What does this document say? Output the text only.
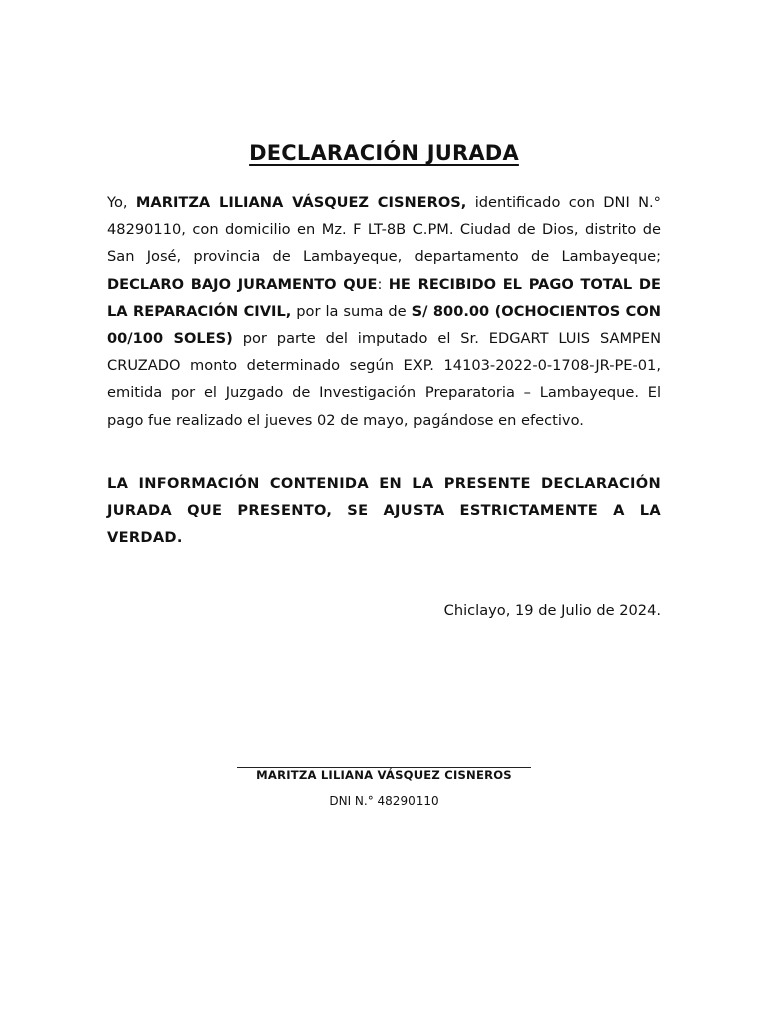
DECLARACIÓN JURADA

Yo, MARITZA LILIANA VÁSQUEZ CISNEROS, identificado con DNI N.° 48290110, con domicilio en Mz. F LT-8B C.PM. Ciudad de Dios, distrito de San José, provincia de Lambayeque, departamento de Lambayeque; DECLARO BAJO JURAMENTO QUE: HE RECIBIDO EL PAGO TOTAL DE LA REPARACIÓN CIVIL, por la suma de S/ 800.00 (OCHOCIENTOS CON 00/100 SOLES) por parte del imputado el Sr. EDGART LUIS SAMPEN CRUZADO monto determinado según EXP. 14103-2022-0-1708-JR-PE-01, emitida por el Juzgado de Investigación Preparatoria – Lambayeque. El pago fue realizado el jueves 02 de mayo, pagándose en efectivo.

LA INFORMACIÓN CONTENIDA EN LA PRESENTE DECLARACIÓN JURADA QUE PRESENTO, SE AJUSTA ESTRICTAMENTE A LA VERDAD.

Chiclayo, 19 de Julio de 2024.
MARITZA LILIANA VÁSQUEZ CISNEROS
DNI N.° 48290110
